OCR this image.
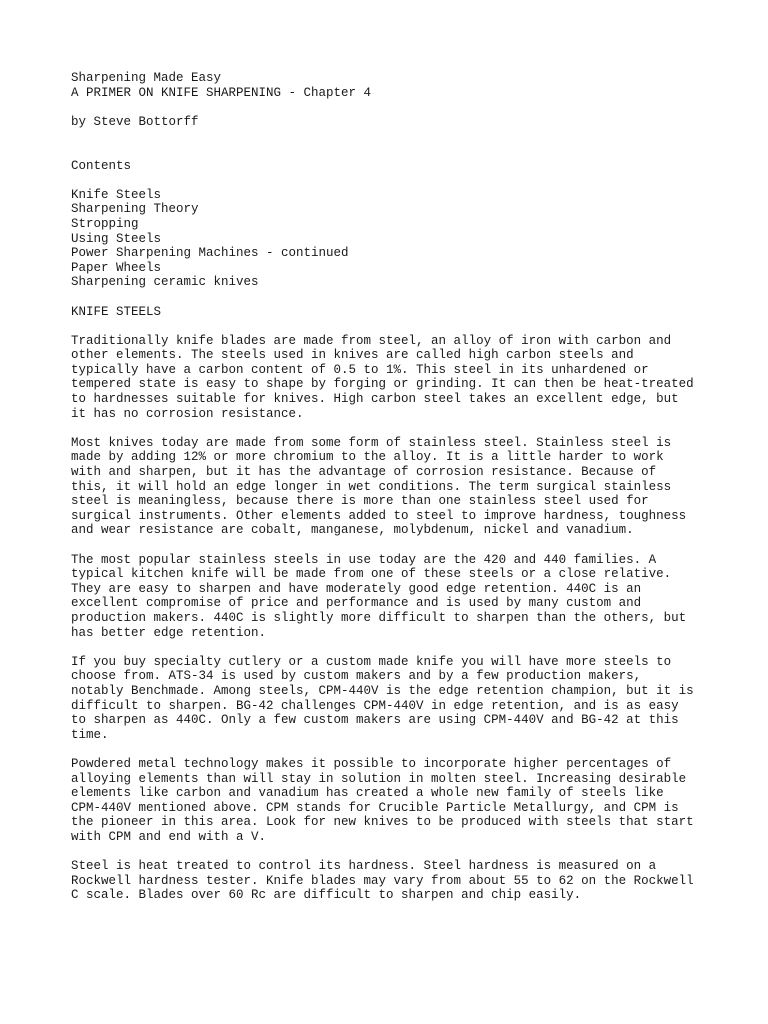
Sharpening Made Easy
A PRIMER ON KNIFE SHARPENING - Chapter 4
by Steve Bottorff
Contents
Knife Steels
Sharpening Theory
Stropping
Using Steels
Power Sharpening Machines - continued
Paper Wheels
Sharpening ceramic knives
KNIFE STEELS
Traditionally knife blades are made from steel, an alloy of iron with carbon and
other elements. The steels used in knives are called high carbon steels and
typically have a carbon content of 0.5 to 1%. This steel in its unhardened or
tempered state is easy to shape by forging or grinding. It can then be heat-treated
to hardnesses suitable for knives. High carbon steel takes an excellent edge, but
it has no corrosion resistance.
Most knives today are made from some form of stainless steel. Stainless steel is
made by adding 12% or more chromium to the alloy. It is a little harder to work
with and sharpen, but it has the advantage of corrosion resistance. Because of
this, it will hold an edge longer in wet conditions. The term surgical stainless
steel is meaningless, because there is more than one stainless steel used for
surgical instruments. Other elements added to steel to improve hardness, toughness
and wear resistance are cobalt, manganese, molybdenum, nickel and vanadium.
The most popular stainless steels in use today are the 420 and 440 families. A
typical kitchen knife will be made from one of these steels or a close relative.
They are easy to sharpen and have moderately good edge retention. 440C is an
excellent compromise of price and performance and is used by many custom and
production makers. 440C is slightly more difficult to sharpen than the others, but
has better edge retention.
If you buy specialty cutlery or a custom made knife you will have more steels to
choose from. ATS-34 is used by custom makers and by a few production makers,
notably Benchmade. Among steels, CPM-440V is the edge retention champion, but it is
difficult to sharpen. BG-42 challenges CPM-440V in edge retention, and is as easy
to sharpen as 440C. Only a few custom makers are using CPM-440V and BG-42 at this
time.
Powdered metal technology makes it possible to incorporate higher percentages of
alloying elements than will stay in solution in molten steel. Increasing desirable
elements like carbon and vanadium has created a whole new family of steels like
CPM-440V mentioned above. CPM stands for Crucible Particle Metallurgy, and CPM is
the pioneer in this area. Look for new knives to be produced with steels that start
with CPM and end with a V.
Steel is heat treated to control its hardness. Steel hardness is measured on a
Rockwell hardness tester. Knife blades may vary from about 55 to 62 on the Rockwell
C scale. Blades over 60 Rc are difficult to sharpen and chip easily.
